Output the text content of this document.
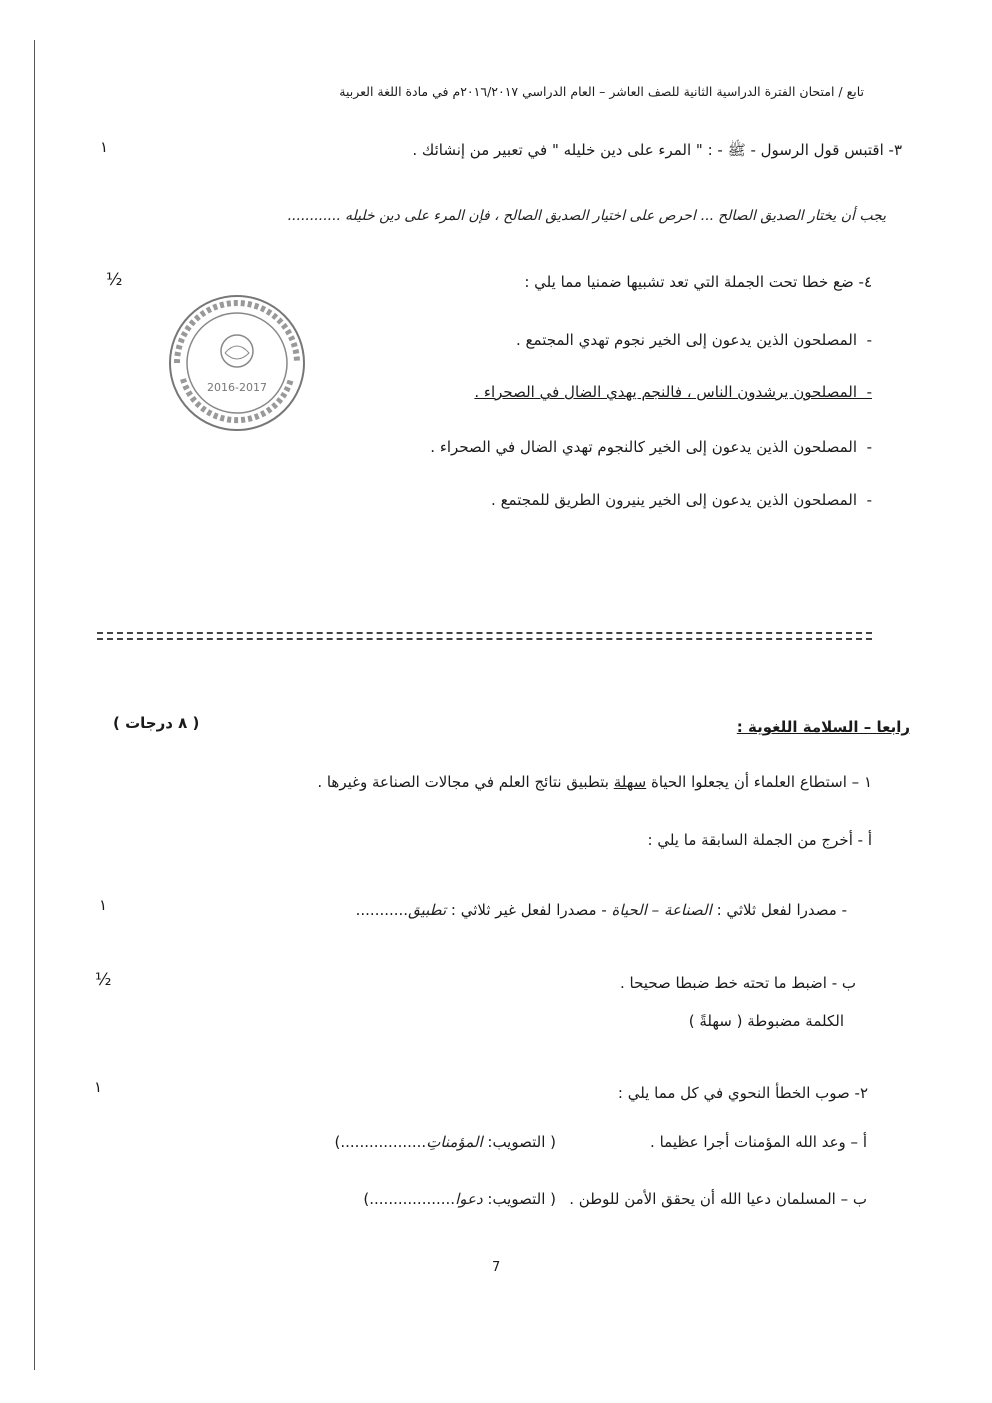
تابع / امتحان الفترة الدراسية الثانية للصف العاشر – العام الدراسي ٢٠١٦/٢٠١٧م في مادة اللغة العربية
٣- اقتبس قول الرسول - ﷺ - : " المرء على دين خليله " في تعبير من إنشائك .
١
يجب أن يختار الصديق الصالح ... احرص على اختيار الصديق الصالح ، فإن المرء على دين خليله ............
٤- ضع خطا تحت الجملة التي تعد تشبيها ضمنيا مما يلي :
½
-  المصلحون الذين يدعون إلى الخير نجوم تهدي المجتمع .
-  المصلحون يرشدون الناس ، فالنجم يهدي الضال في الصحراء .
-  المصلحون الذين يدعون إلى الخير كالنجوم تهدي الضال في الصحراء .
-  المصلحون الذين يدعون إلى الخير ينيرون الطريق للمجتمع .
2016-2017
رابعا – السلامة اللغوية :
( ٨ درجات )
١ – استطاع العلماء أن يجعلوا الحياة سهلة بتطبيق نتائج العلم في مجالات الصناعة وغيرها .
أ - أخرج من الجملة السابقة ما يلي :
- مصدرا لفعل ثلاثي : الصناعة – الحياة - مصدرا لفعل غير ثلاثي : تطبيق...........
١
ب - اضبط ما تحته خط ضبطا صحيحا .
½
الكلمة مضبوطة ( سهلةً )
٢- صوب الخطأ النحوي في كل مما يلي :
١
أ – وعد الله المؤمنات أجرا عظيما .
( التصويب: المؤمناتِ..................)
ب – المسلمان دعيا الله أن يحقق الأمن للوطن .
( التصويب: دعوا..................)
7
